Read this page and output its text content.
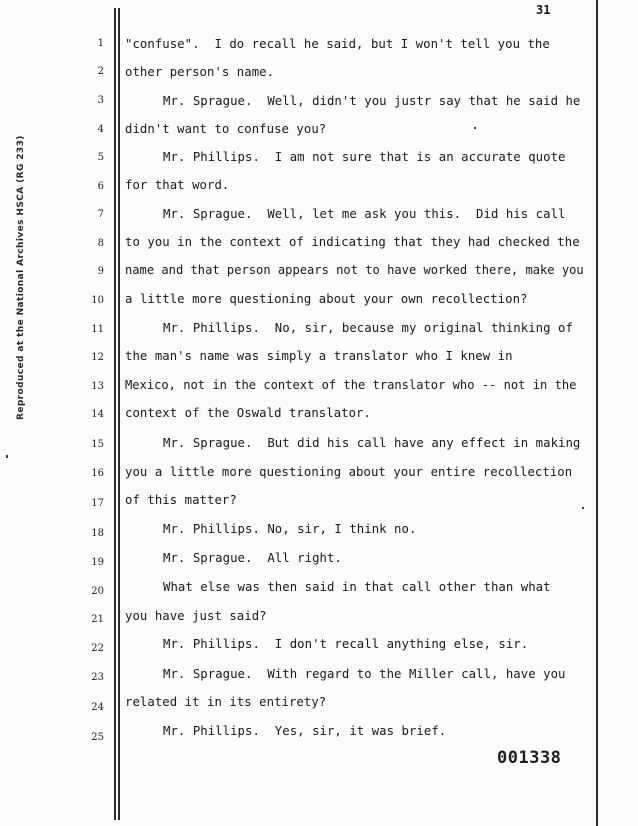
Reproduced at the National Archives HSCA (RG 233)
31
1 "confuse".  I do recall he said, but I won't tell you the
2 other person's name.
3	Mr. Sprague.  Well, didn't you justr say that he said he
4 didn't want to confuse you?
5	Mr. Phillips.  I am not sure that is an accurate quote
6 for that word.
7	Mr. Sprague.  Well, let me ask you this.  Did his call
8 to you in the context of indicating that they had checked the
9 name and that person appears not to have worked there, make you
10 a little more questioning about your own recollection?
11	Mr. Phillips.  No, sir, because my original thinking of
12 the man's name was simply a translator who I knew in
13 Mexico, not in the context of the translator who -- not in the
14 context of the Oswald translator.
15	Mr. Sprague.  But did his call have any effect in making
16 you a little more questioning about your entire recollection
17 of this matter?
18	Mr. Phillips. No, sir, I think no.
19	Mr. Sprague.  All right.
20	What else was then said in that call other than what
21 you have just said?
22	Mr. Phillips.  I don't recall anything else, sir.
23	Mr. Sprague.  With regard to the Miller call, have you
24 related it in its entirety?
25	Mr. Phillips.  Yes, sir, it was brief.
001338
